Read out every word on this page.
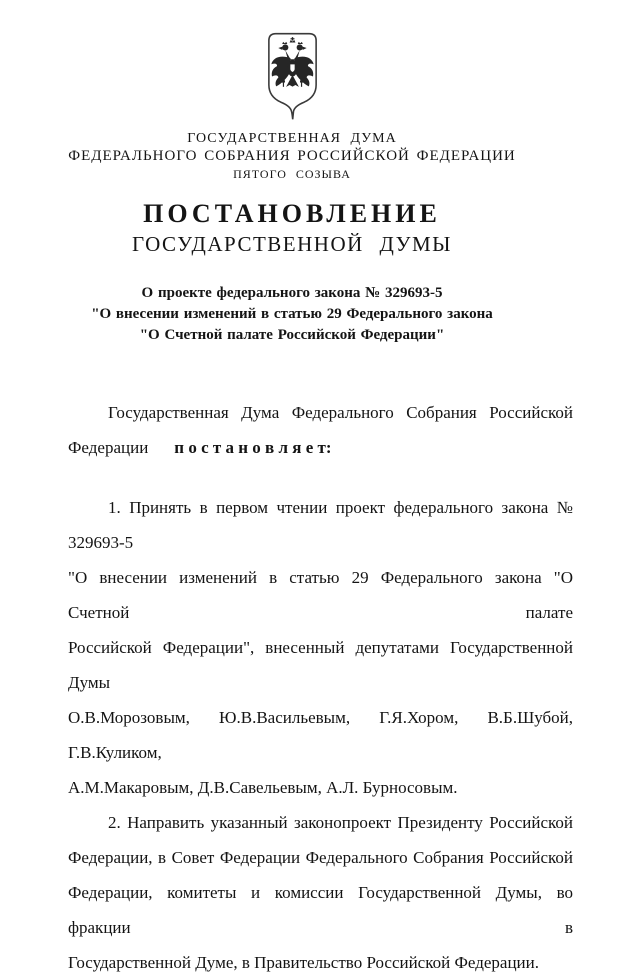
ГОСУДАРСТВЕННАЯ ДУМА
ФЕДЕРАЛЬНОГО СОБРАНИЯ РОССИЙСКОЙ ФЕДЕРАЦИИ
ПЯТОГО СОЗЫВА
ПОСТАНОВЛЕНИЕ
ГОСУДАРСТВЕННОЙ ДУМЫ
О проекте федерального закона № 329693-5
"О внесении изменений в статью 29 Федерального закона
"О Счетной палате Российской Федерации"
Государственная Дума Федерального Собрания Российской
Федерации п о с т а н о в л я е т:
1. Принять в первом чтении проект федерального закона № 329693-5
"О внесении изменений в статью 29 Федерального закона "О Счетной палате
Российской Федерации", внесенный депутатами Государственной Думы
О.В.Морозовым, Ю.В.Васильевым, Г.Я.Хором, В.Б.Шубой, Г.В.Куликом,
А.М.Макаровым, Д.В.Савельевым, А.Л. Бурносовым.
2. Направить указанный законопроект Президенту Российской
Федерации, в Совет Федерации Федерального Собрания Российской
Федерации, комитеты и комиссии Государственной Думы, во фракции в
Государственной Думе, в Правительство Российской Федерации.
